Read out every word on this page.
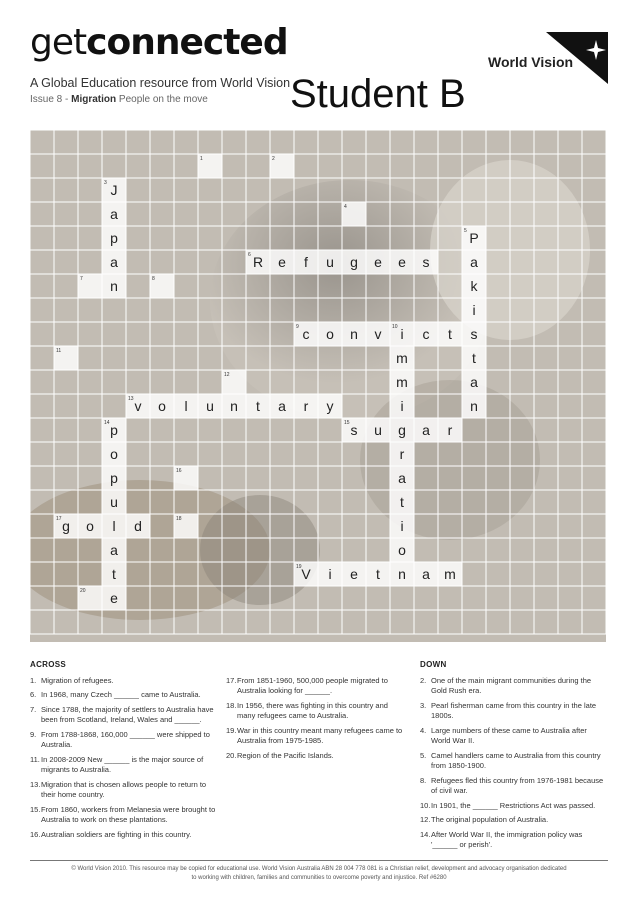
getconnected
A Global Education resource from World Vision
Issue 8 - Migration People on the move Student B
World Vision
J
a
p
a
n
R	e	f	u	g	e	e	s
P
a
k
i
s
t
a
n
c	o	n	v	i	c	t
m
m
i
g
r
a
t
i
o
n
v	o	l	u	n	t	a	r	y
s	u	a	r
p
o
p
u
l
a
t
e
g	o	d
V	i	e	t	a	m
1	2
3
4
5
6
7	8
9	10
11
12
13
14	15
16
17	18
19
20
ACROSS
1. Migration of refugees.
6. In 1968, many Czech ______ came to Australia.
7. Since 1788, the majority of settlers to Australia have been from Scotland, Ireland, Wales and ______.
9. From 1788-1868, 160,000 ______ were shipped to Australia.
11. In 2008-2009 New ______ is the major source of migrants to Australia.
13. Migration that is chosen allows people to return to their home country.
15. From 1860, workers from Melanesia were brought to Australia to work on these plantations.
16. Australian soldiers are fighting in this country.

17. From 1851-1960, 500,000 people migrated to Australia looking for ______.
18. In 1956, there was fighting in this country and many refugees came to Australia.
19. War in this country meant many refugees came to Australia from 1975-1985.
20. Region of the Pacific Islands.
DOWN
2. One of the main migrant communities during the Gold Rush era.
3. Pearl fisherman came from this country in the late 1800s.
4. Large numbers of these came to Australia after World War II.
5. Camel handlers came to Australia from this country from 1850-1900.
8. Refugees fled this country from 1976-1981 because of civil war.
10. In 1901, the ______ Restrictions Act was passed.
12. The original population of Australia.
14. After World War II, the immigration policy was '______ or perish'.
© World Vision 2010. This resource may be copied for educational use. World Vision Australia ABN 28 004 778 081 is a Christian relief, development and advocacy organisation dedicated
to working with children, families and communities to overcome poverty and injustice. Ref #6280
